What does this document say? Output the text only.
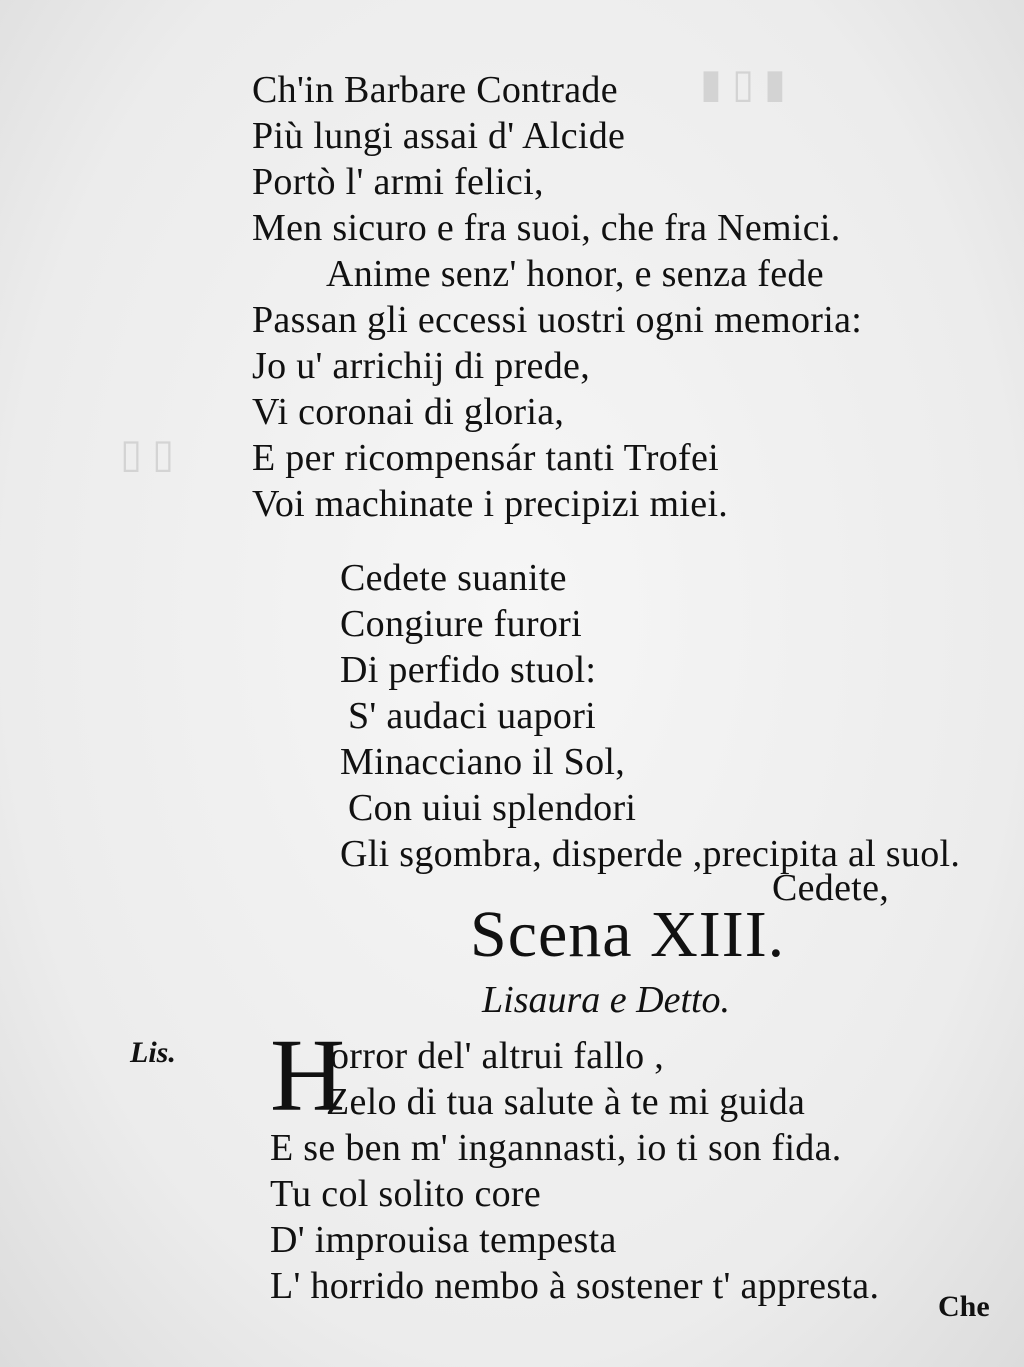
▮ ▯ ▮
▯ ▯
Ch'in Barbare Contrade
Più lungi assai d' Alcide
Portò l' armi felici,
Men sicuro e fra suoi, che fra Nemici.
Anime senz' honor, e senza fede
Passan gli eccessi uostri ogni memoria:
Jo u' arrichij di prede,
Vi coronai di gloria,
E per ricompensár tanti Trofei
Voi machinate i precipizi miei.
Cedete suanite
Congiure furori
Di perfido stuol:
S' audaci uapori
Minacciano il Sol,
Con uiui splendori
Gli sgombra, disperde ,precipita al suol.
Cedete,
Scena XIII.
Lisaura e Detto.
Lis. H
orror del' altrui fallo ,
Zelo di tua salute à te mi guida
E se ben m' ingannasti, io ti son fida.
Tu col solito core
D' improuisa tempesta
L' horrido nembo à sostener t' appresta. Che
